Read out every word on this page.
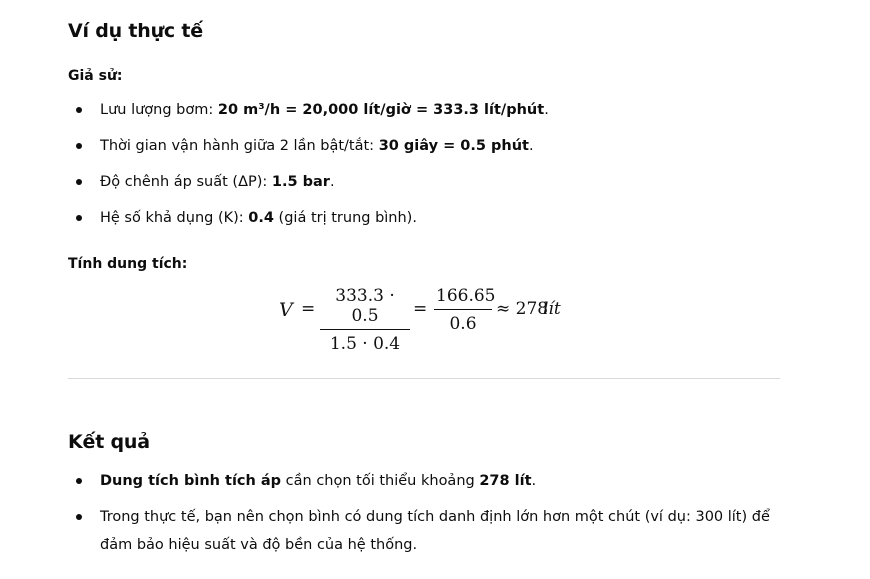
Ví dụ thực tế

Giả sử:

Lưu lượng bơm: 20 m³/h = 20,000 lít/giờ = 333.3 lít/phút.
Thời gian vận hành giữa 2 lần bật/tắt: 30 giây = 0.5 phút.
Độ chênh áp suất (ΔP): 1.5 bar.
Hệ số khả dụng (K): 0.4 (giá trị trung bình).

Tính dung tích:

V =
333.3 · 0.5
1.5 · 0.4
=
166.65
0.6
≈ 278
lít
Kết quả
Dung tích bình tích áp cần chọn tối thiểu khoảng 278 lít.
Trong thực tế, bạn nên chọn bình có dung tích danh định lớn hơn một chút (ví dụ: 300 lít) để
đảm bảo hiệu suất và độ bền của hệ thống.
